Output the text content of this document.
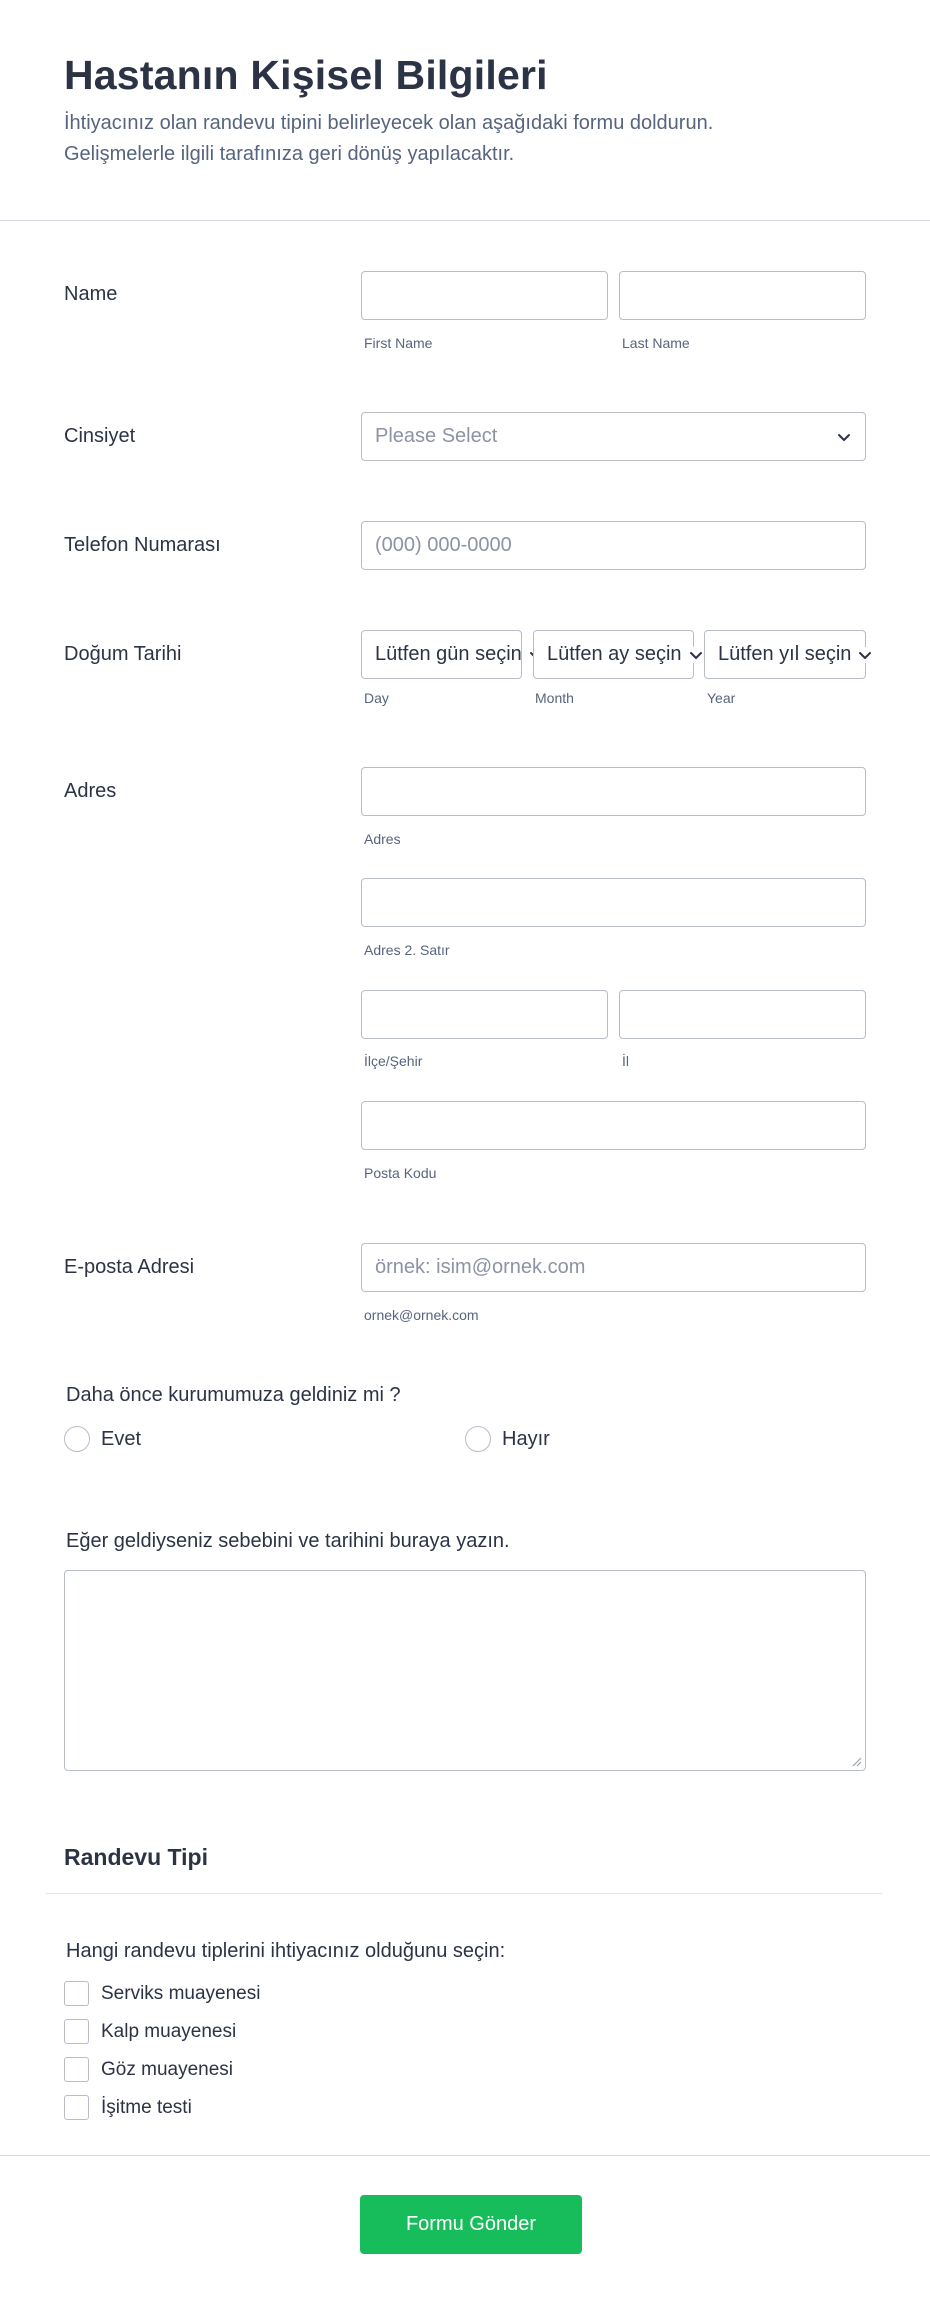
Hastanın Kişisel Bilgileri

İhtiyacınız olan randevu tipini belirleyecek olan aşağıdaki formu doldurun. Gelişmelerle ilgili tarafınıza geri dönüş yapılacaktır.

Name
First Name	Last Name
Cinsiyet	Please Select
Telefon Numarası
(000) 000-0000
Doğum Tarihi	Lütfen gün seçin Lütfen ay seçin Lütfen yıl seçin
Day	Month	Year
Adres
Adres
Adres 2. Satır
İlçe/Şehir	İl
Posta Kodu
E-posta Adresi
örnek: isim@ornek.com
ornek@ornek.com
Daha önce kurumumuza geldiniz mi ?
Evet	Hayır
Eğer geldiyseniz sebebini ve tarihini buraya yazın.
Randevu Tipi
Hangi randevu tiplerini ihtiyacınız olduğunu seçin:
Serviks muayenesi
Kalp muayenesi
Göz muayenesi
İşitme testi
Formu Gönder
